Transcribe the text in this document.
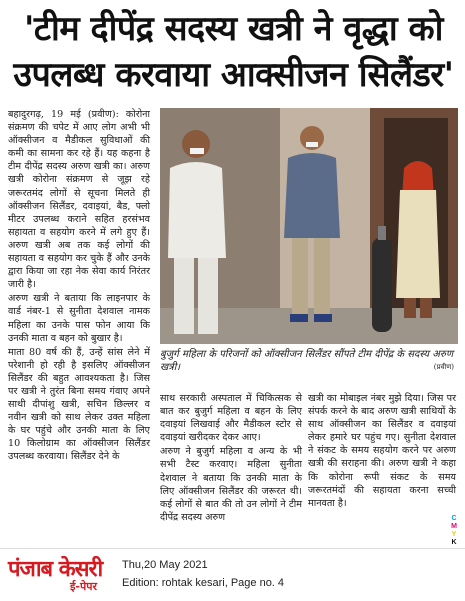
'टीम दीपेंद्र सदस्य खत्री ने वृद्धा को
उपलब्ध करवाया आक्सीजन सिलैंडर'

बहादुरगढ़, 19 मई (प्रवीण): कोरोना संक्रमण की चपेट में आए लोग अभी भी ऑक्सीजन व मैडीकल सुविधाओं की कमी का सामना कर रहे हैं। यह कहना है टीम दीपेंद्र सदस्य अरुण खत्री का। अरुण खत्री कोरोना संक्रमण से जूझ रहे जरूरतमंद लोगों से सूचना मिलते ही ऑक्सीजन सिलैंडर, दवाइयां, बैड, फ्लो मीटर उपलब्ध कराने सहित हरसंभव सहायता व सहयोग करने में लगे हुए हैं। अरुण खत्री अब तक कई लोगों की सहायता व सहयोग कर चुके हैं और उनके द्वारा किया जा रहा नेक सेवा कार्य निरंतर जारी है।

अरुण खत्री ने बताया कि लाइनपार के वार्ड नंबर-1 से सुनीता देशवाल नामक महिला का उनके पास फोन आया कि उनकी माता व बहन को बुखार है।

माता 80 वर्ष की हैं, उन्हें सांस लेने में परेशानी हो रही है इसलिए ऑक्सीजन सिलैंडर की बहुत आवश्यकता है। जिस पर खत्री ने तुरंत बिना समय गंवाए अपने साथी दीपांशु खत्री, सचिन छिल्लर व नवीन खत्री को साथ लेकर उक्त महिला के घर पहुंचे और उनकी माता के लिए 10 किलोग्राम का ऑक्सीजन सिलैंडर उपलब्ध करवाया। सिलैंडर देने के

बुजुर्ग महिला के परिजनों को ऑक्सीजन सिलैंडर सौंपते टीम दीपेंद्र के सदस्य अरुण खत्री।	(प्रवीण)

साथ सरकारी अस्पताल में चिकित्सक से बात कर बुजुर्ग महिला व बहन के लिए दवाइयां लिखवाई और मैडीकल स्टोर से दवाइयां खरीदकर देकर आए।

अरुण ने बुजुर्ग महिला व अन्य के भी सभी टैस्ट करवाए। महिला सुनीता देशवाल ने बताया कि उनकी माता के लिए ऑक्सीजन सिलैंडर की जरूरत थी। कई लोगों से बात की तो उन लोगों ने टीम दीपेंद्र सदस्य अरुण

खत्री का मोबाइल नंबर मुझे दिया। जिस पर संपर्क करने के बाद अरुण खत्री साथियों के साथ ऑक्सीजन का सिलैंडर व दवाइयां लेकर हमारे घर पहुंच गए। सुनीता देशवाल ने संकट के समय सहयोग करने पर अरुण खत्री की सराहना की। अरुण खत्री ने कहा कि कोरोना रूपी संकट के समय जरूरतमंदों की सहायता करना सच्ची मानवता है।

C
M
Y
K
पंजाब केसरी
ई-पेपर
Thu,20 May 2021
Edition: rohtak kesari, Page no. 4
